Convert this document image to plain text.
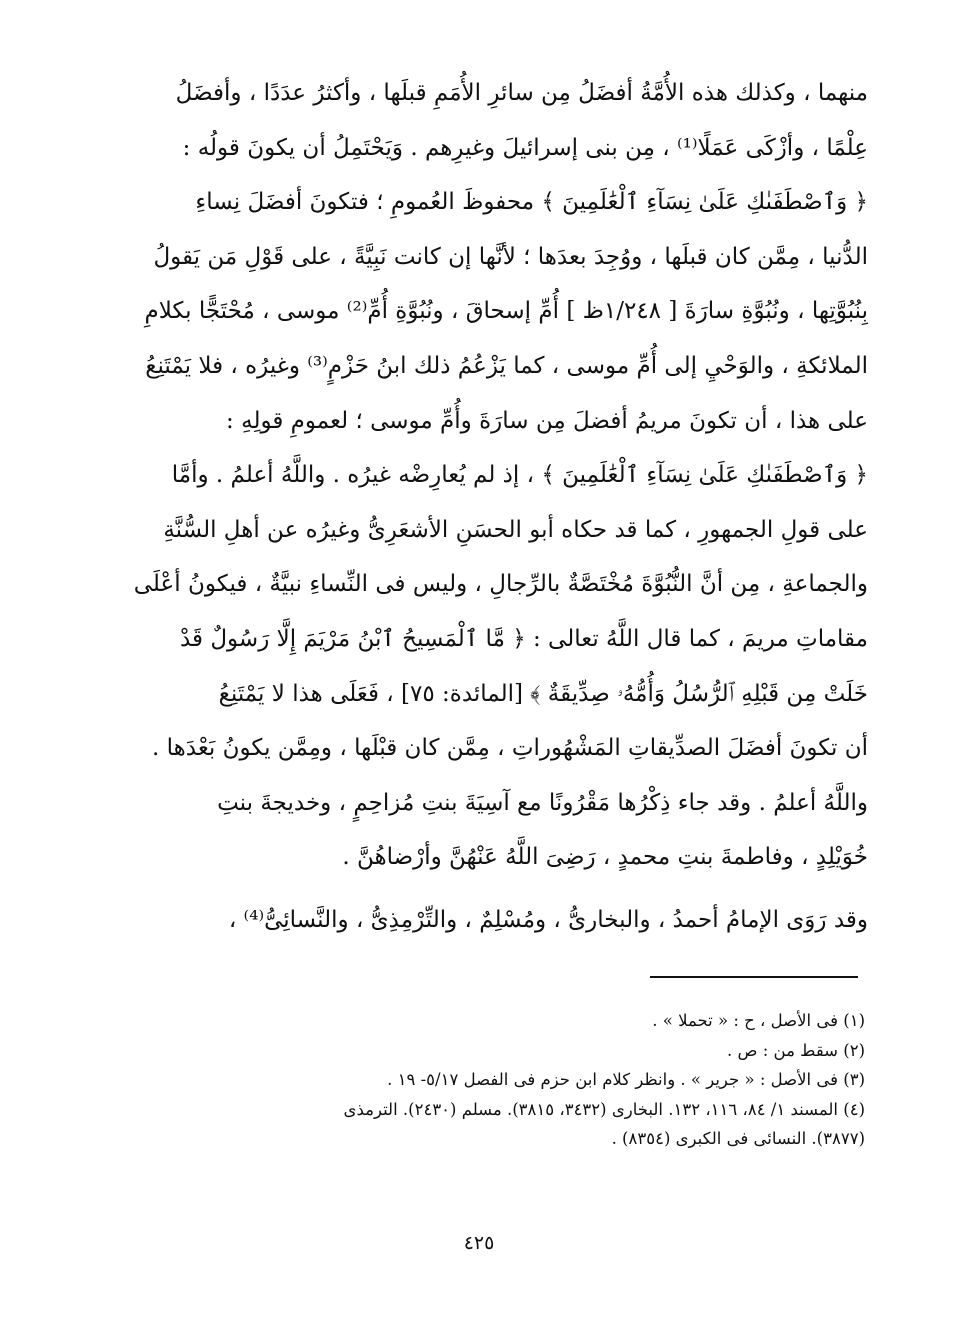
منهما ، وكذلك هذه الأُمَّةُ أفضَلُ مِن سائرِ الأُمَمِ قبلَها ، وأكثرُ عدَدًا ، وأفضَلُ
عِلْمًا ، وأزْكَى عَمَلًا⁽¹⁾ ، مِن بنى إسرائيلَ وغيرِهم . وَيَحْتَمِلُ أن يكونَ قولُه :
﴿ وَٱصْطَفَىٰكِ عَلَىٰ نِسَآءِ ٱلْعَٰلَمِينَ ﴾ محفوظَ العُمومِ ؛ فتكونَ أفضَلَ نِساءِ
الدُّنيا ، مِمَّن كان قبلَها ، ووُجِدَ بعدَها ؛ لأنَّها إن كانت نَبِيَّةً ، على قَوْلِ مَن يَقولُ
بِنُبُوَّتِها ، ونُبُوَّةِ سارَةَ [ ١/٢٤٨ظ ] أُمِّ إسحاقَ ، ونُبُوَّةِ أُمِّ⁽²⁾ موسى ، مُحْتَجًّا بكلامِ
الملائكةِ ، والوَحْيِ إلى أُمِّ موسى ، كما يَزْعُمُ ذلك ابنُ حَزْمٍ⁽³⁾ وغيرُه ، فلا يَمْتَنِعُ
على هذا ، أن تكونَ مريمُ أفضلَ مِن سارَةَ وأُمِّ موسى ؛ لعمومِ قولِهِ :
﴿ وَٱصْطَفَىٰكِ عَلَىٰ نِسَآءِ ٱلْعَٰلَمِينَ ﴾ ، إذ لم يُعارِضْه غيرُه . واللَّهُ أعلمُ . وأمَّا
على قولِ الجمهورِ ، كما قد حكاه أبو الحسَنِ الأشعَرِىُّ وغيرُه عن أهلِ السُّنَّةِ
والجماعةِ ، مِن أنَّ النُّبُوَّةَ مُخْتَصَّةٌ بالرِّجالِ ، وليس فى النِّساءِ نبيَّةٌ ، فيكونُ أعْلَى
مقاماتِ مريمَ ، كما قال اللَّهُ تعالى : ﴿ مَّا ٱلْمَسِيحُ ٱبْنُ مَرْيَمَ إِلَّا رَسُولٌ قَدْ
خَلَتْ مِن قَبْلِهِ ٱلرُّسُلُ وَأُمُّهُۥ صِدِّيقَةٌ ﴾ [المائدة: ٧٥] ، فَعَلَى هذا لا يَمْتَنِعُ
أن تكونَ أفضَلَ الصدِّيقاتِ المَشْهُوراتِ ، مِمَّن كان قبْلَها ، ومِمَّن يكونُ بَعْدَها .
واللَّهُ أعلمُ . وقد جاء ذِكْرُها مَقْرُونًا مع آسِيَةَ بنتِ مُزاحِمٍ ، وخديجةَ بنتِ
خُوَيْلِدٍ ، وفاطمةَ بنتِ محمدٍ ، رَضِىَ اللَّهُ عَنْهُنَّ وأرْضاهُنَّ .
وقد رَوَى الإمامُ أحمدُ ، والبخارىُّ ، ومُسْلِمٌ ، والتِّرْمِذِىُّ ، والنَّسائِىُّ⁽⁴⁾ ،
(١) فى الأصل ، ح : « تحملا » .
(٢) سقط من : ص .
(٣) فى الأصل : « جرير » . وانظر كلام ابن حزم فى الفصل ٥/١٧- ١٩ .
(٤) المسند ١/ ٨٤، ١١٦، ١٣٢. البخارى (٣٤٣٢، ٣٨١٥). مسلم (٢٤٣٠). الترمذى
(٣٨٧٧). النسائى فى الكبرى (٨٣٥٤) .
٤٢٥
